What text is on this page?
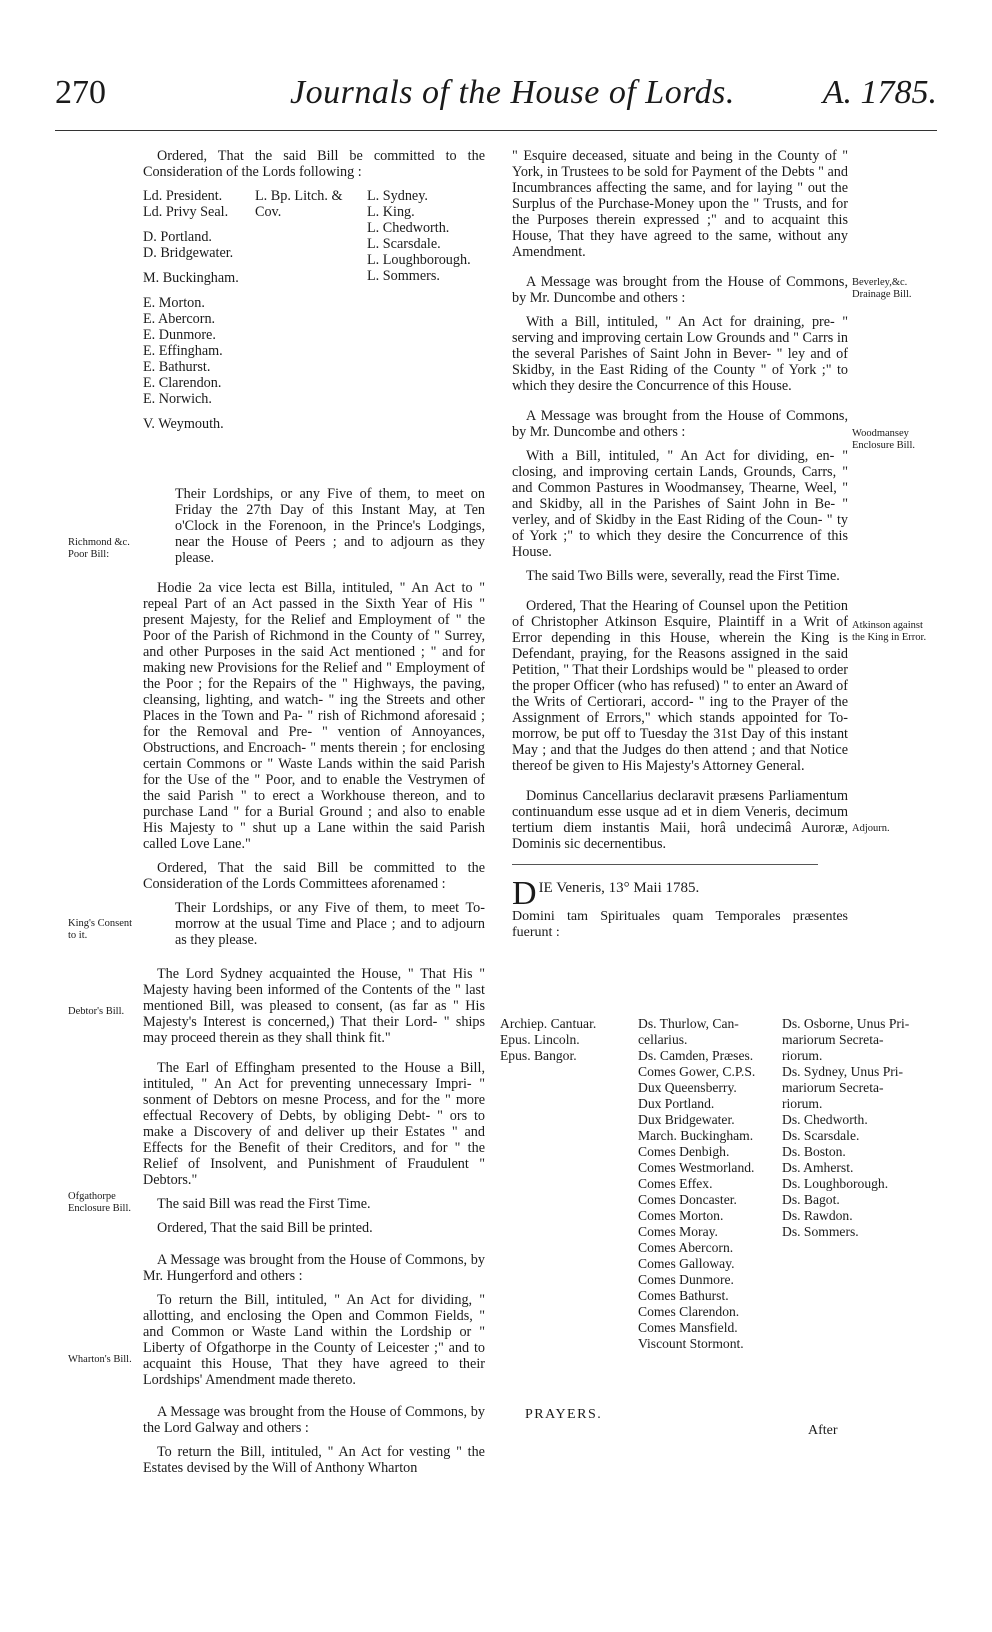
270	Journals of the House of Lords.	A. 1785.
Richmond &c. Poor Bill:
King's Consent to it.
Debtor's Bill.
Ofgathorpe Enclosure Bill.
Wharton's Bill.
Beverley,&c. Drainage Bill.
Woodmansey Enclosure Bill.
Atkinson against the King in Error.
Adjourn.

Ordered, That the said Bill be committed to the Consideration of the Lords following :

Ld. President.
Ld. Privy Seal.
D. Portland.
D. Bridgewater.
M. Buckingham.
E. Morton.
E. Abercorn.
E. Dunmore.
E. Effingham.
E. Bathurst.
E. Clarendon.
E. Norwich.
V. Weymouth.
L. Bp. Litch. &
Cov.
L. Sydney.
L. King.
L. Chedworth.
L. Scarsdale.
L. Loughborough.
L. Sommers.

Their Lordships, or any Five of them, to meet on Friday the 27th Day of this Instant May, at Ten o'Clock in the Forenoon, in the Prince's Lodgings, near the House of Peers ; and to adjourn as they please.

Hodie 2a vice lecta est Billa, intituled, " An Act to " repeal Part of an Act passed in the Sixth Year of His " present Majesty, for the Relief and Employment of " the Poor of the Parish of Richmond in the County of " Surrey, and other Purposes in the said Act mentioned ; " and for making new Provisions for the Relief and " Employment of the Poor ; for the Repairs of the " Highways, the paving, cleansing, lighting, and watch- " ing the Streets and other Places in the Town and Pa- " rish of Richmond aforesaid ; for the Removal and Pre- " vention of Annoyances, Obstructions, and Encroach- " ments therein ; for enclosing certain Commons or " Waste Lands within the said Parish for the Use of the " Poor, and to enable the Vestrymen of the said Parish " to erect a Workhouse thereon, and to purchase Land " for a Burial Ground ; and also to enable His Majesty to " shut up a Lane within the said Parish called Love Lane."

Ordered, That the said Bill be committed to the Consideration of the Lords Committees aforenamed :

Their Lordships, or any Five of them, to meet To-morrow at the usual Time and Place ; and to adjourn as they please.

The Lord Sydney acquainted the House, " That His " Majesty having been informed of the Contents of the " last mentioned Bill, was pleased to consent, (as far as " His Majesty's Interest is concerned,) That their Lord- " ships may proceed therein as they shall think fit."

The Earl of Effingham presented to the House a Bill, intituled, " An Act for preventing unnecessary Impri- " sonment of Debtors on mesne Process, and for the " more effectual Recovery of Debts, by obliging Debt- " ors to make a Discovery of and deliver up their Estates " and Effects for the Benefit of their Creditors, and for " the Relief of Insolvent, and Punishment of Fraudulent " Debtors."

The said Bill was read the First Time.

Ordered, That the said Bill be printed.

A Message was brought from the House of Commons, by Mr. Hungerford and others :

To return the Bill, intituled, " An Act for dividing, " allotting, and enclosing the Open and Common Fields, " and Common or Waste Land within the Lordship or " Liberty of Ofgathorpe in the County of Leicester ;" and to acquaint this House, That they have agreed to their Lordships' Amendment made thereto.

A Message was brought from the House of Commons, by the Lord Galway and others :

To return the Bill, intituled, " An Act for vesting " the Estates devised by the Will of Anthony Wharton

" Esquire deceased, situate and being in the County of " York, in Trustees to be sold for Payment of the Debts " and Incumbrances affecting the same, and for laying " out the Surplus of the Purchase-Money upon the " Trusts, and for the Purposes therein expressed ;" and to acquaint this House, That they have agreed to the same, without any Amendment.

A Message was brought from the House of Commons, by Mr. Duncombe and others :

With a Bill, intituled, " An Act for draining, pre- " serving and improving certain Low Grounds and " Carrs in the several Parishes of Saint John in Bever- " ley and of Skidby, in the East Riding of the County " of York ;" to which they desire the Concurrence of this House.

A Message was brought from the House of Commons, by Mr. Duncombe and others :

With a Bill, intituled, " An Act for dividing, en- " closing, and improving certain Lands, Grounds, Carrs, " and Common Pastures in Woodmansey, Thearne, Weel, " and Skidby, all in the Parishes of Saint John in Be- " verley, and of Skidby in the East Riding of the Coun- " ty of York ;" to which they desire the Concurrence of this House.

The said Two Bills were, severally, read the First Time.

Ordered, That the Hearing of Counsel upon the Petition of Christopher Atkinson Esquire, Plaintiff in a Writ of Error depending in this House, wherein the King is Defendant, praying, for the Reasons assigned in the said Petition, " That their Lordships would be " pleased to order the proper Officer (who has refused) " to enter an Award of the Writs of Certiorari, accord- " ing to the Prayer of the Assignment of Errors," which stands appointed for To-morrow, be put off to Tuesday the 31st Day of this instant May ; and that the Judges do then attend ; and that Notice thereof be given to His Majesty's Attorney General.

Dominus Cancellarius declaravit præsens Parliamentum continuandum esse usque ad et in diem Veneris, decimum tertium diem instantis Maii, horâ undecimâ Auroræ, Dominis sic decernentibus.

D IE Veneris, 13° Maii 1785.
Domini tam Spirituales quam Temporales præsentes fuerunt :
Archiep. Cantuar.
Epus. Lincoln.
Epus. Bangor.
Ds. Thurlow, Can-
cellarius.
Ds. Camden, Præses.
Comes Gower, C.P.S.
Dux Queensberry.
Dux Portland.
Dux Bridgewater.
March. Buckingham.
Comes Denbigh.
Comes Westmorland.
Comes Effex.
Comes Doncaster.
Comes Morton.
Comes Moray.
Comes Abercorn.
Comes Galloway.
Comes Dunmore.
Comes Bathurst.
Comes Clarendon.
Comes Mansfield.
Viscount Stormont.
Ds. Osborne, Unus Pri-
mariorum Secreta-
riorum.
Ds. Sydney, Unus Pri-
mariorum Secreta-
riorum.
Ds. Chedworth.
Ds. Scarsdale.
Ds. Boston.
Ds. Amherst.
Ds. Loughborough.
Ds. Bagot.
Ds. Rawdon.
Ds. Sommers.
PRAYERS.
After
